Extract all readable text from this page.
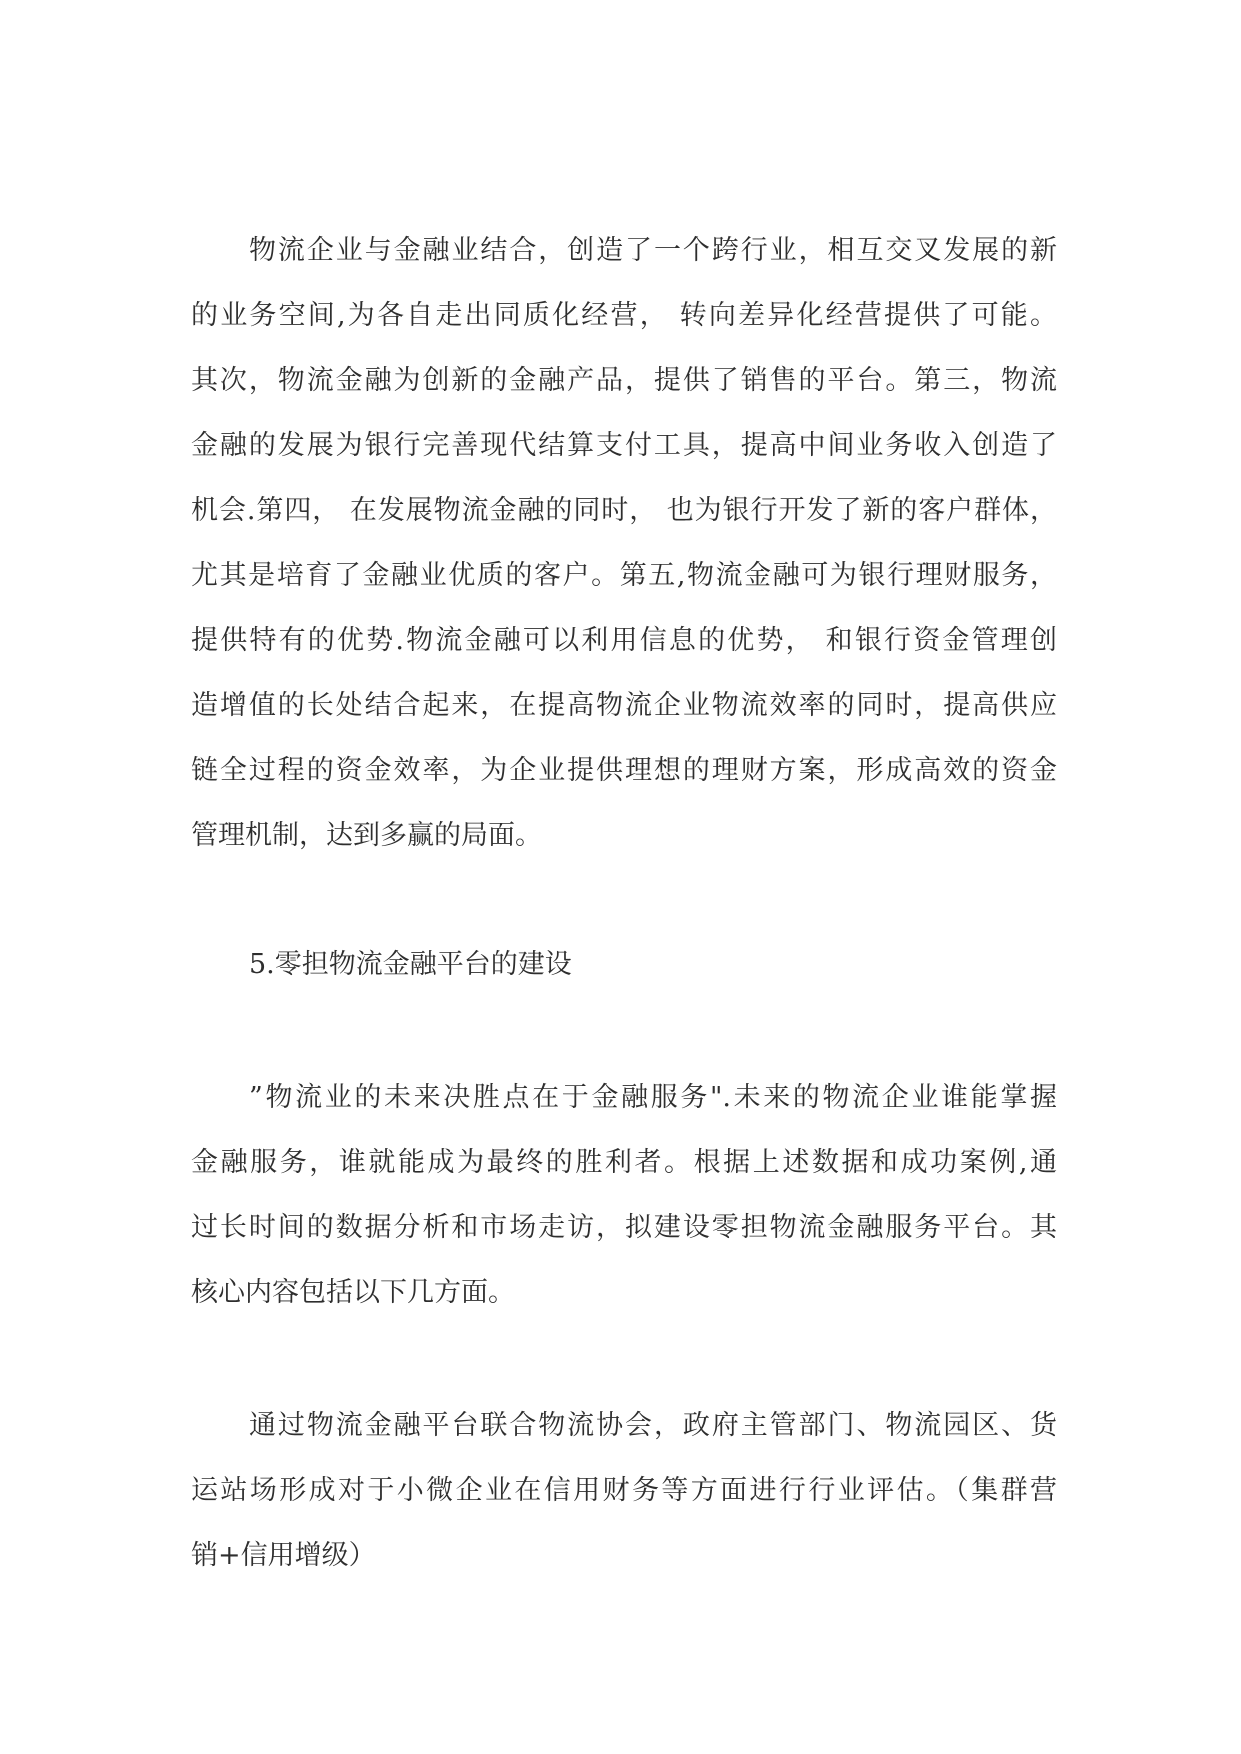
物流企业与金融业结合，创造了一个跨行业，相互交叉发展的新
的业务空间,为各自走出同质化经营， 转向差异化经营提供了可能。
其次，物流金融为创新的金融产品，提供了销售的平台。第三，物流
金融的发展为银行完善现代结算支付工具，提高中间业务收入创造了
机会.第四， 在发展物流金融的同时， 也为银行开发了新的客户群体，
尤其是培育了金融业优质的客户。第五,物流金融可为银行理财服务，
提供特有的优势.物流金融可以利用信息的优势， 和银行资金管理创
造增值的长处结合起来，在提高物流企业物流效率的同时，提高供应
链全过程的资金效率，为企业提供理想的理财方案，形成高效的资金
管理机制，达到多赢的局面。
5.零担物流金融平台的建设
”物流业的未来决胜点在于金融服务".未来的物流企业谁能掌握
金融服务，谁就能成为最终的胜利者。根据上述数据和成功案例,通
过长时间的数据分析和市场走访，拟建设零担物流金融服务平台。其
核心内容包括以下几方面。
通过物流金融平台联合物流协会，政府主管部门、物流园区、货
运站场形成对于小微企业在信用财务等方面进行行业评估。（集群营
销+信用增级）
